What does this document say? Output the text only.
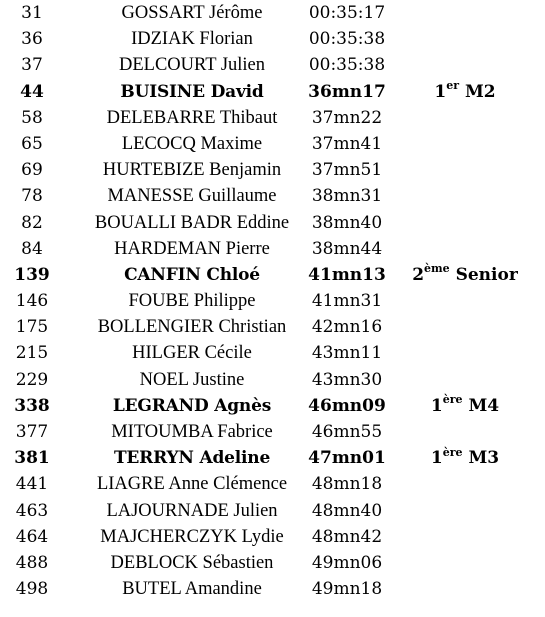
31	GOSSART Jérôme	00:35:17
36	IDZIAK Florian	00:35:38
37	DELCOURT Julien	00:35:38
44	BUISINE David	36mn17	1er M2
58	DELEBARRE Thibaut	37mn22
65	LECOCQ Maxime	37mn41
69	HURTEBIZE Benjamin	37mn51
78	MANESSE Guillaume	38mn31
82	BOUALLI BADR Eddine	38mn40
84	HARDEMAN Pierre	38mn44
139	CANFIN Chloé	41mn13	2ème Senior
146	FOUBE Philippe	41mn31
175	BOLLENGIER Christian	42mn16
215	HILGER Cécile	43mn11
229	NOEL Justine	43mn30
338	LEGRAND Agnès	46mn09	1ère M4
377	MITOUMBA Fabrice	46mn55
381	TERRYN Adeline	47mn01	1ère M3
441	LIAGRE Anne Clémence	48mn18
463	LAJOURNADE Julien	48mn40
464	MAJCHERCZYK Lydie	48mn42
488	DEBLOCK Sébastien	49mn06
498	BUTEL Amandine	49mn18
